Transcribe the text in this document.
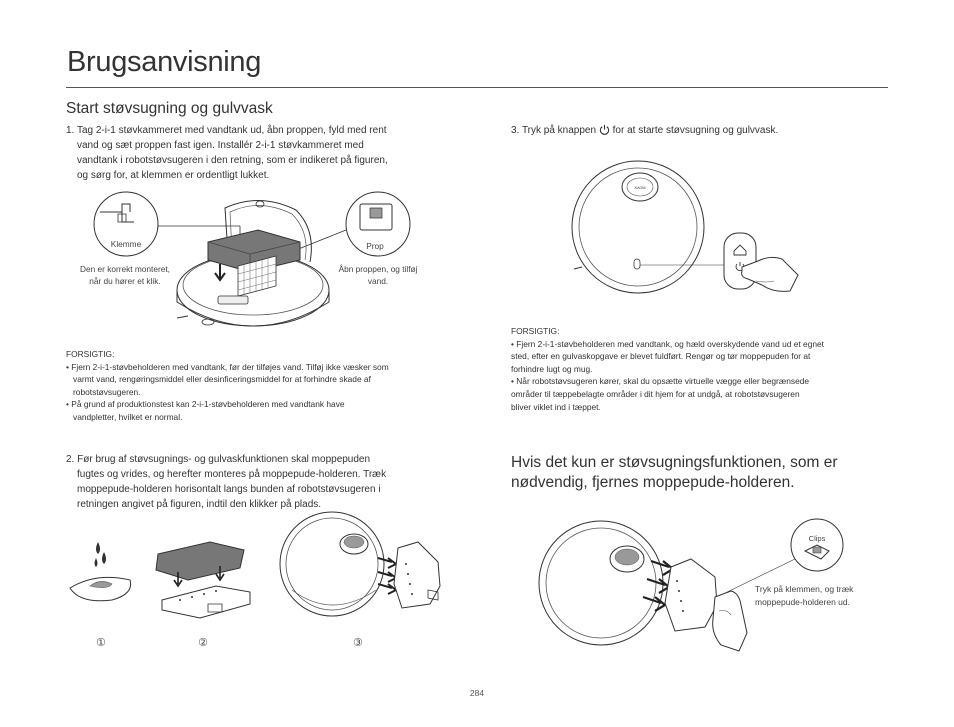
Brugsanvisning
Start støvsugning og gulvvask
1. Tag 2-i-1 støvkammeret med vandtank ud, åbn proppen, fyld med rent
vand og sæt proppen fast igen. Installér 2-i-1 støvkammeret med
vandtank i robotstøvsugeren i den retning, som er indikeret på figuren,
og sørg for, at klemmen er ordentligt lukket.
Klemme	Prop
Den er korrekt monteret,
når du hører et klik.
Åbn proppen, og tilføj
vand.
FORSIGTIG:
• Fjern 2-i-1-støvbeholderen med vandtank, før der tilføjes vand. Tilføj ikke væsker som
varmt vand, rengøringsmiddel eller desinficeringsmiddel for at forhindre skade af
robotstøvsugeren.
• På grund af produktionstest kan 2-i-1-støvbeholderen med vandtank have

vandpletter, hvilket er normal.
2. Før brug af støvsugnings- og gulvaskfunktionen skal moppepuden
fugtes og vrides, og herefter monteres på moppepude-holderen. Træk
moppepude-holderen horisontalt langs bunden af robotstøvsugeren i
retningen angivet på figuren, indtil den klikker på plads.
①	②	③
3. Tryk på knappen for at starte støvsugning og gulvvask.
XIAOMI
FORSIGTIG:
• Fjern 2-i-1-støvbeholderen med vandtank, og hæld overskydende vand ud et egnet
sted, efter en gulvaskopgave er blevet fuldført. Rengør og tør moppepuden for at
forhindre lugt og mug.
• Når robotstøvsugeren kører, skal du opsætte virtuelle vægge eller begrænsede
områder til tæppebelagte områder i dit hjem for at undgå, at robotstøvsugeren
bliver viklet ind i tæppet.
Hvis det kun er støvsugningsfunktionen, som er
nødvendig, fjernes moppepude-holderen.
Clips
Tryk på klemmen, og træk
moppepude-holderen ud.
284
